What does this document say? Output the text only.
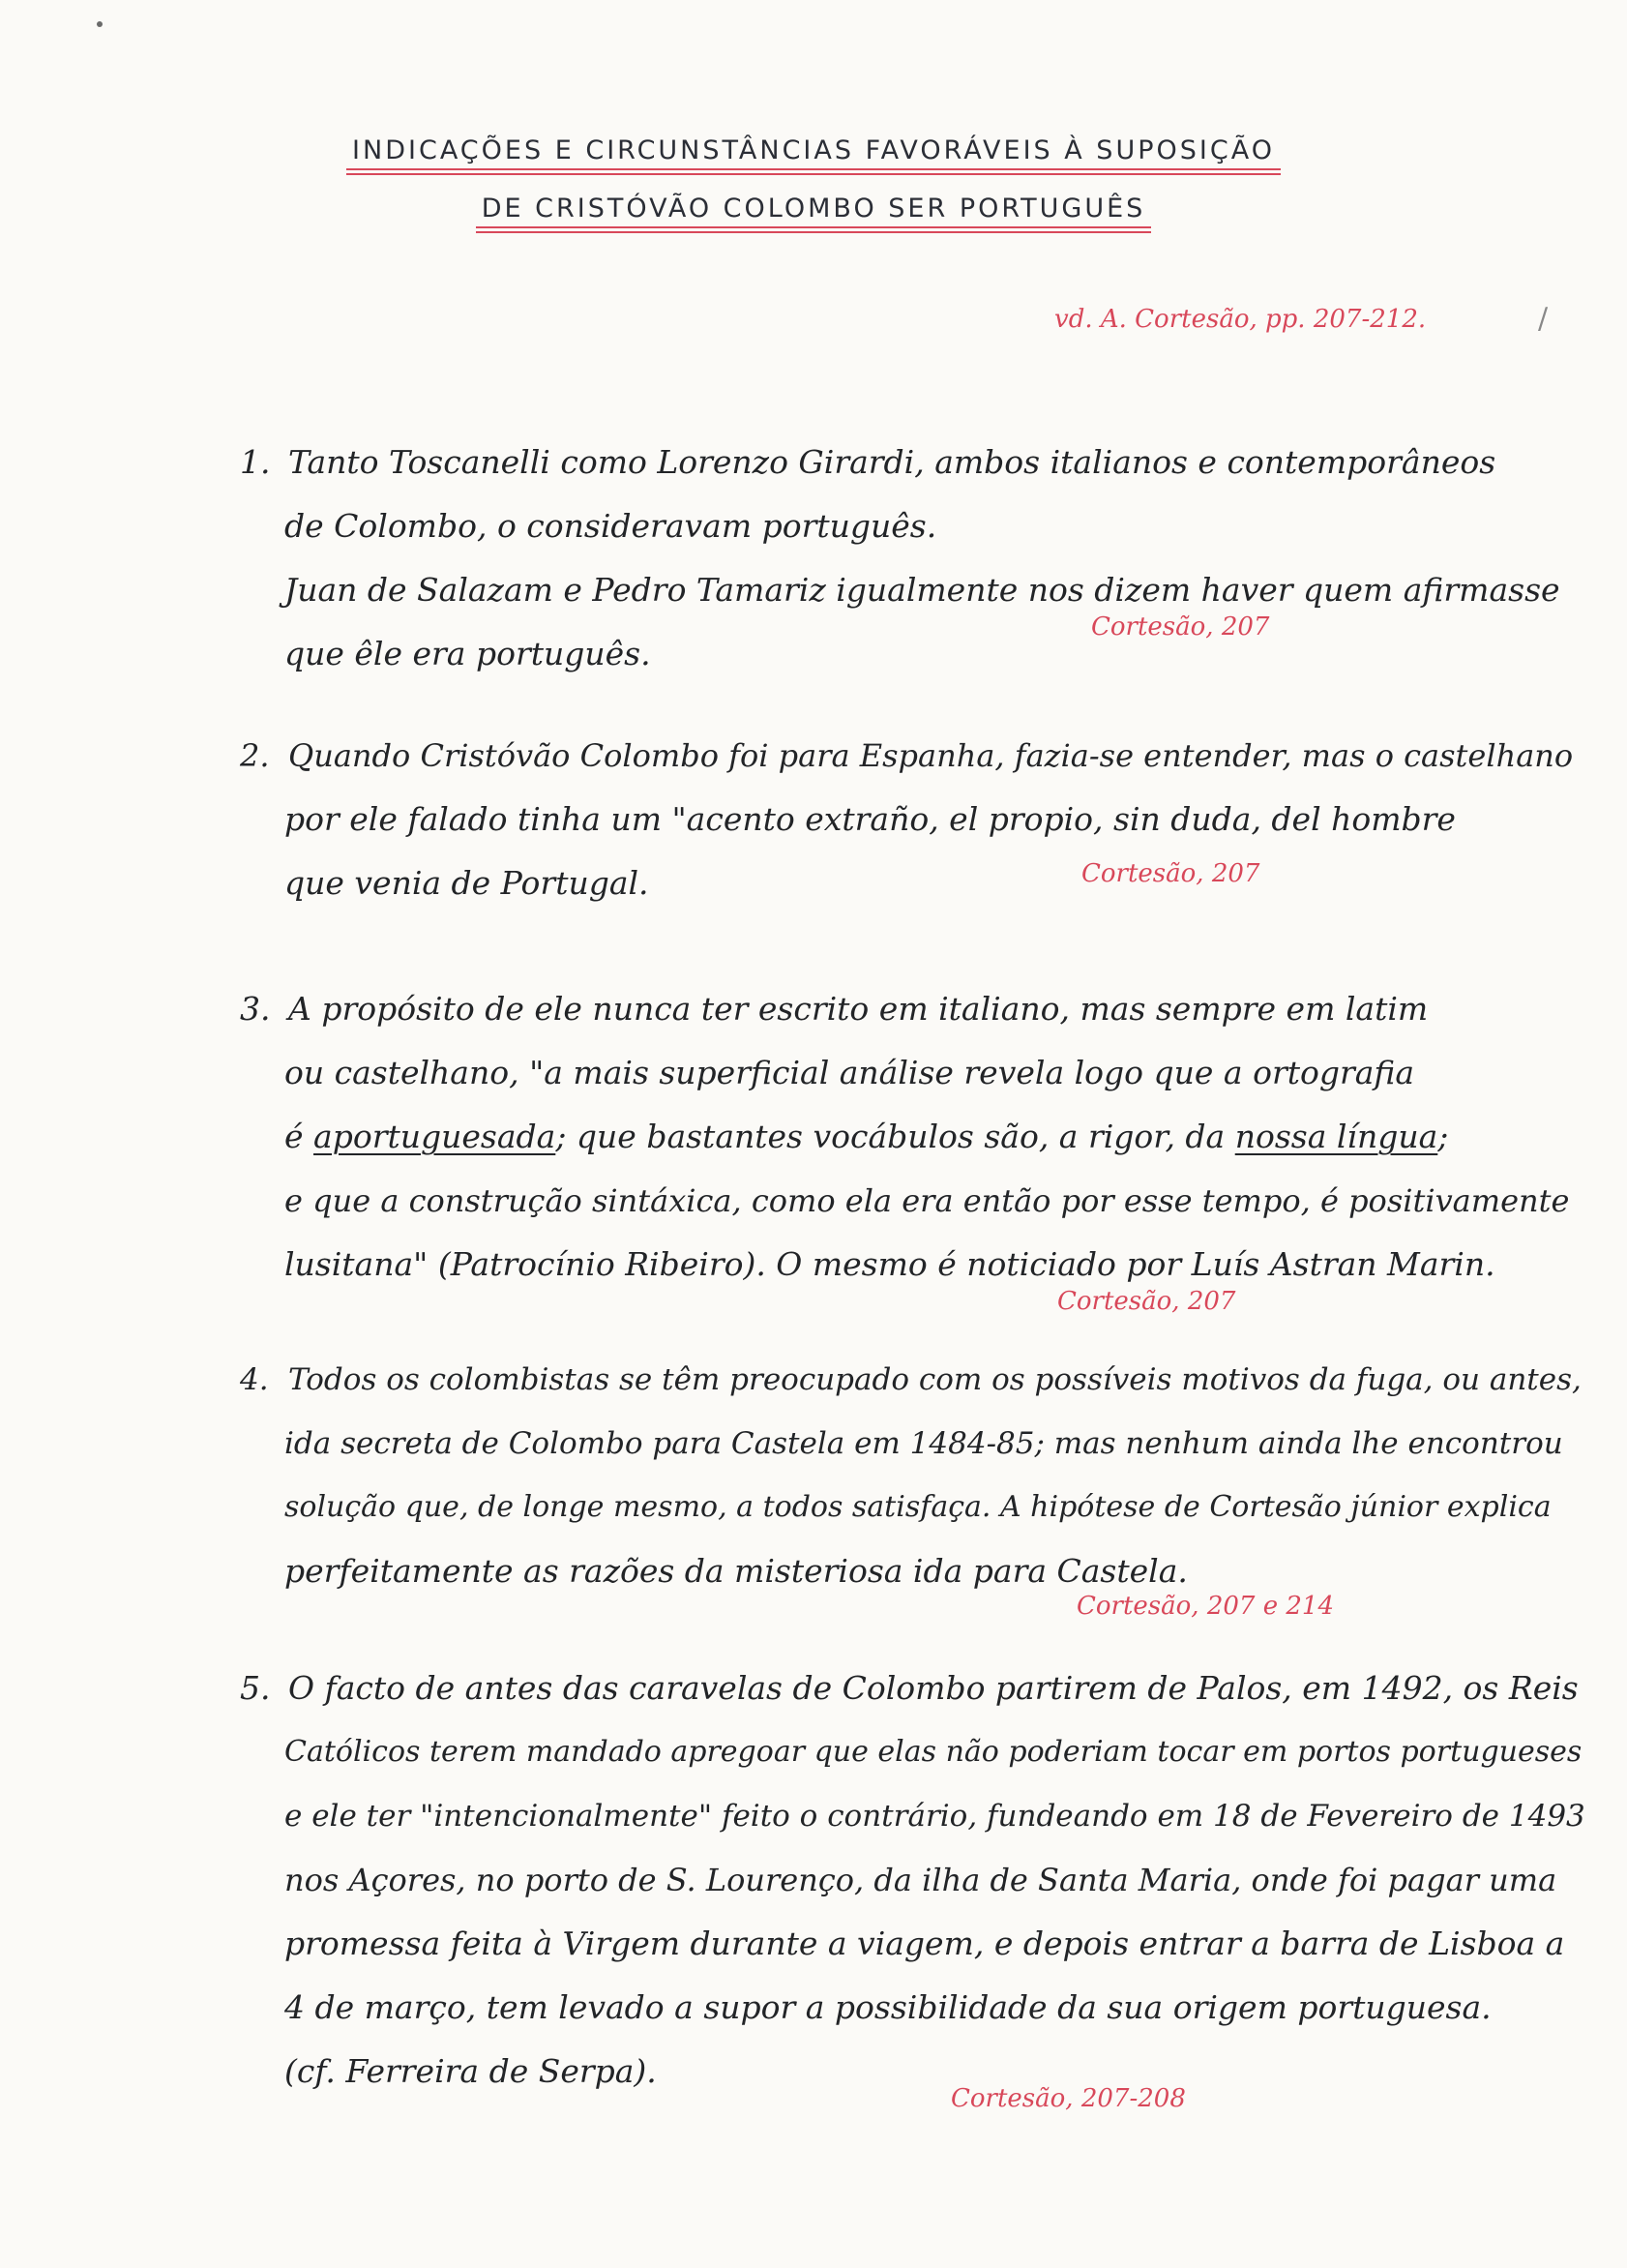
INDICAÇÕES E CIRCUNSTÂNCIAS FAVORÁVEIS À SUPOSIÇÃO
DE CRISTÓVÃO COLOMBO SER PORTUGUÊS
vd. A. Cortesão, pp. 207-212.	/
1. Tanto Toscanelli como Lorenzo Girardi, ambos italianos e contemporâneos
de Colombo, o consideravam português.
Juan de Salazam e Pedro Tamariz igualmente nos dizem haver quem afirmasse
que êle era português.
Cortesão, 207
2. Quando Cristóvão Colombo foi para Espanha, fazia-se entender, mas o castelhano
por ele falado tinha um "acento extraño, el propio, sin duda, del hombre
que venia de Portugal.	Cortesão, 207
3. A propósito de ele nunca ter escrito em italiano, mas sempre em latim
ou castelhano, "a mais superficial análise revela logo que a ortografia
é aportuguesada; que bastantes vocábulos são, a rigor, da nossa língua;
e que a construção sintáxica, como ela era então por esse tempo, é positivamente
lusitana" (Patrocínio Ribeiro). O mesmo é noticiado por Luís Astran Marin.
Cortesão, 207
4. Todos os colombistas se têm preocupado com os possíveis motivos da fuga, ou antes,
ida secreta de Colombo para Castela em 1484-85; mas nenhum ainda lhe encontrou
solução que, de longe mesmo, a todos satisfaça. A hipótese de Cortesão júnior explica
perfeitamente as razões da misteriosa ida para Castela.
Cortesão, 207 e 214
5. O facto de antes das caravelas de Colombo partirem de Palos, em 1492, os Reis
Católicos terem mandado apregoar que elas não poderiam tocar em portos portugueses
e ele ter "intencionalmente" feito o contrário, fundeando em 18 de Fevereiro de 1493
nos Açores, no porto de S. Lourenço, da ilha de Santa Maria, onde foi pagar uma
promessa feita à Virgem durante a viagem, e depois entrar a barra de Lisboa a
4 de março, tem levado a supor a possibilidade da sua origem portuguesa.
(cf. Ferreira de Serpa).
Cortesão, 207-208
